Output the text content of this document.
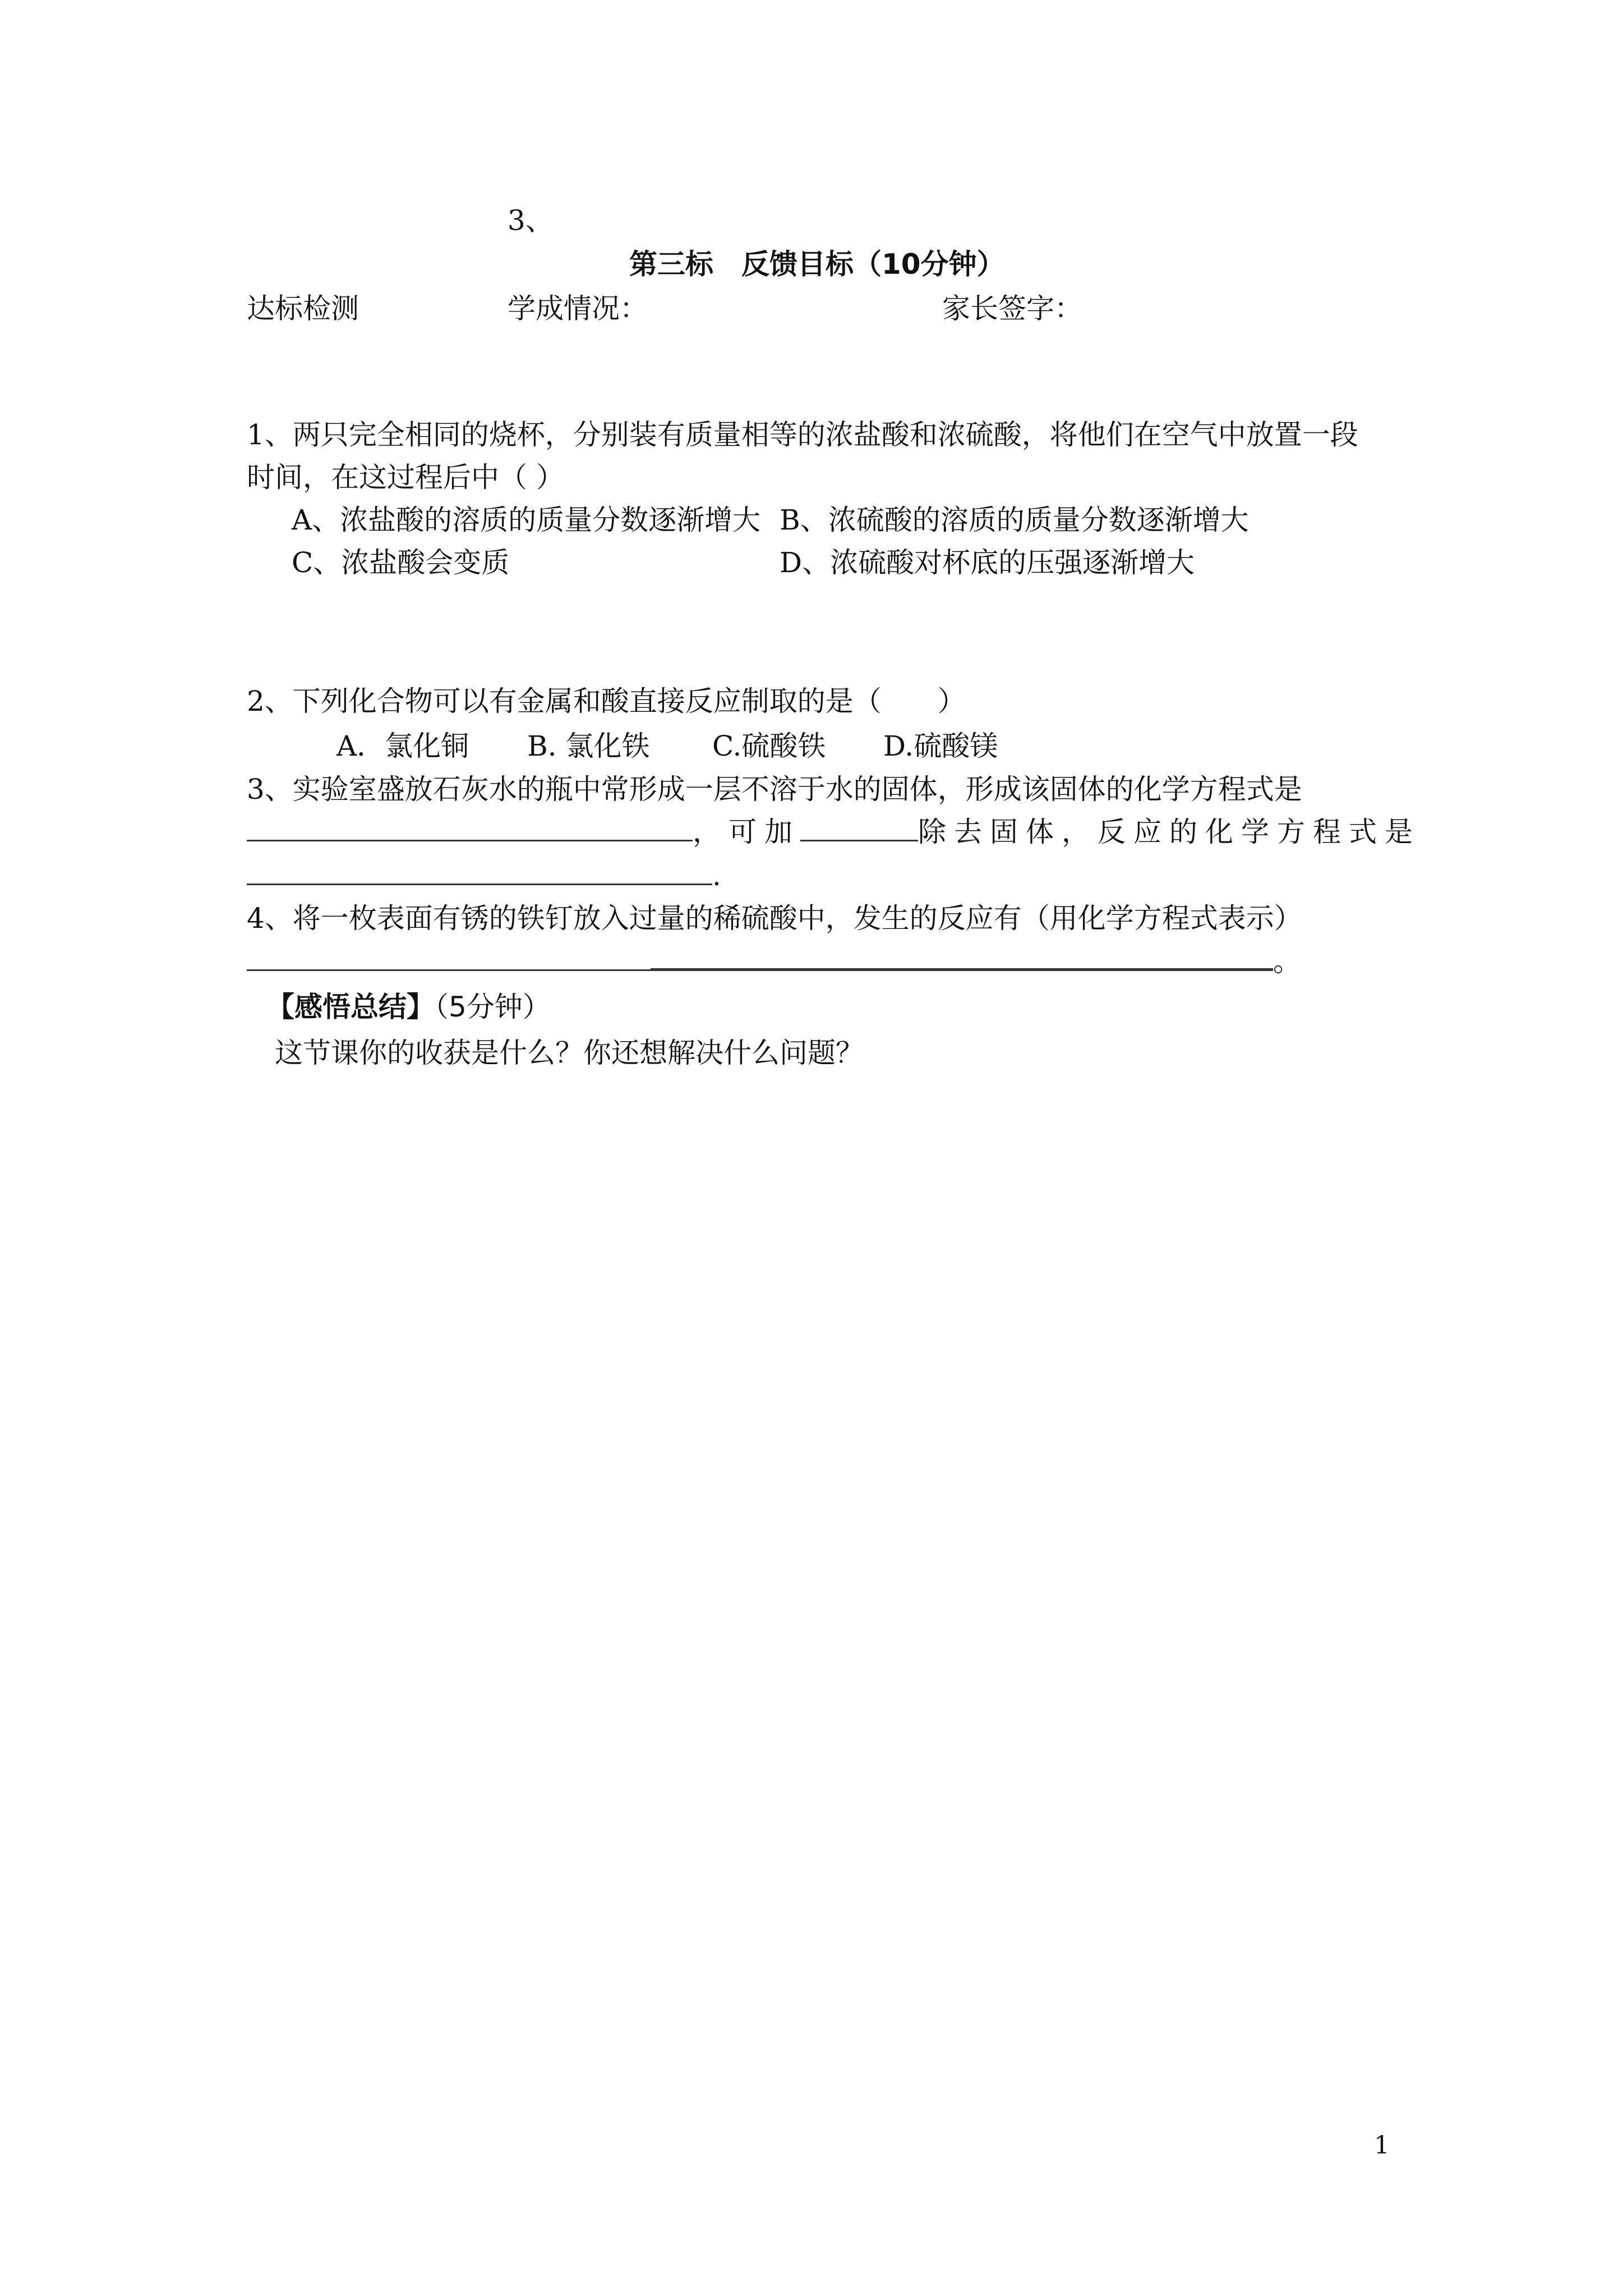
3、
第三标　反馈目标（10分钟）
达标检测	学成情况：	家长签字：
1、两只完全相同的烧杯，分别装有质量相等的浓盐酸和浓硫酸，将他们在空气中放置一段
时间，在这过程后中（ ）
A、浓盐酸的溶质的质量分数逐渐增大 B、浓硫酸的溶质的质量分数逐渐增大
C、浓盐酸会变质	D、浓硫酸对杯底的压强逐渐增大
2、下列化合物可以有金属和酸直接反应制取的是（　　）
A．氯化铜 B. 氯化铁 C.硫酸铁 D.硫酸镁
3、实验室盛放石灰水的瓶中常形成一层不溶于水的固体，形成该固体的化学方程式是
，可加	除去固体，反应的化学方程式是
.
4、将一枚表面有锈的铁钉放入过量的稀硫酸中，发生的反应有（用化学方程式表示）
。
【感悟总结】（5分钟）
这节课你的收获是什么？你还想解决什么问题？
1
